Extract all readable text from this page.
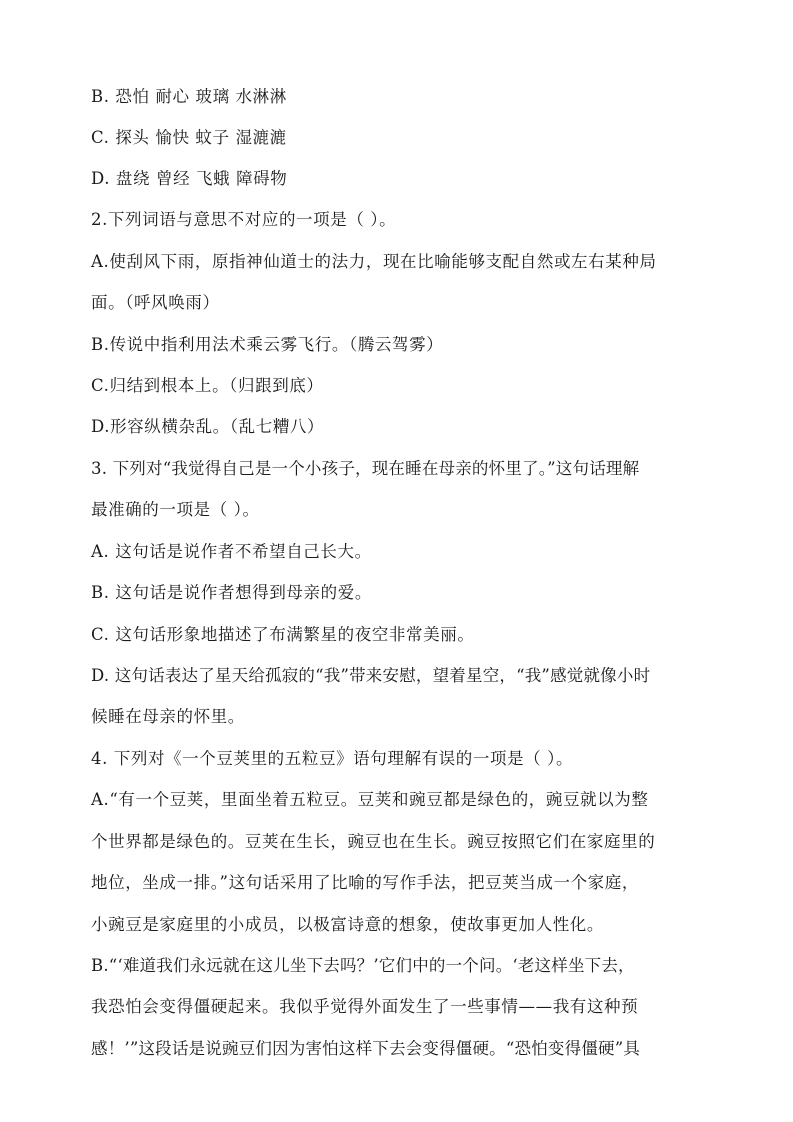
B. 恐怕 耐心 玻璃 水淋淋
C. 探头 愉快 蚊子 湿漉漉
D. 盘绕 曾经 飞蛾 障碍物
2.下列词语与意思不对应的一项是（ ）。
A.使刮风下雨，原指神仙道士的法力，现在比喻能够支配自然或左右某种局
面。（呼风唤雨）
B.传说中指利用法术乘云雾飞行。（腾云驾雾）
C.归结到根本上。（归跟到底）
D.形容纵横杂乱。（乱七糟八）
3. 下列对“我觉得自己是一个小孩子，现在睡在母亲的怀里了。”这句话理解
最准确的一项是（ ）。
A. 这句话是说作者不希望自己长大。
B. 这句话是说作者想得到母亲的爱。
C. 这句话形象地描述了布满繁星的夜空非常美丽。
D. 这句话表达了星天给孤寂的“我”带来安慰，望着星空，“我”感觉就像小时
候睡在母亲的怀里。
4. 下列对《一个豆荚里的五粒豆》语句理解有误的一项是（ ）。
A.“有一个豆荚，里面坐着五粒豆。豆荚和豌豆都是绿色的，豌豆就以为整
个世界都是绿色的。豆荚在生长，豌豆也在生长。豌豆按照它们在家庭里的
地位，坐成一排。”这句话采用了比喻的写作手法，把豆荚当成一个家庭，
小豌豆是家庭里的小成员，以极富诗意的想象，使故事更加人性化。
B.“‘难道我们永远就在这儿坐下去吗？’它们中的一个问。‘老这样坐下去，
我恐怕会变得僵硬起来。我似乎觉得外面发生了一些事情——我有这种预
感！’”这段话是说豌豆们因为害怕这样下去会变得僵硬。“恐怕变得僵硬”具
